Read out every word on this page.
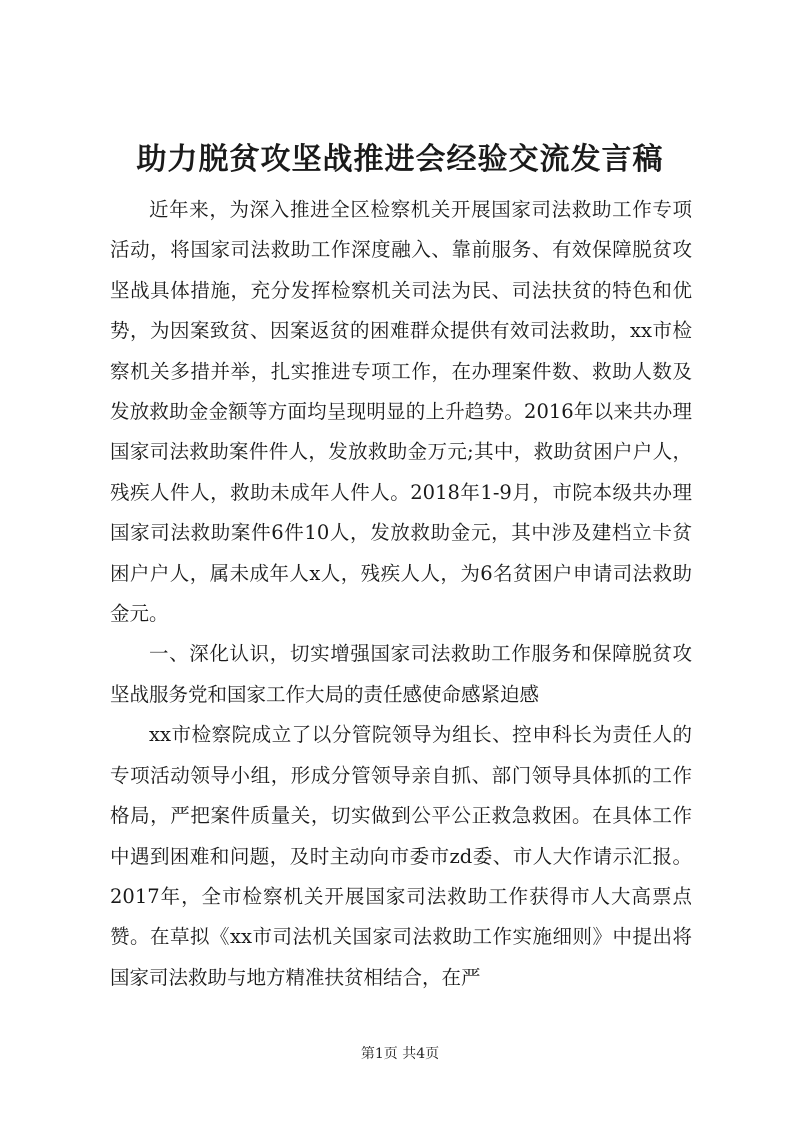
助力脱贫攻坚战推进会经验交流发言稿

近年来，为深入推进全区检察机关开展国家司法救助工作专项活动，将国家司法救助工作深度融入、靠前服务、有效保障脱贫攻坚战具体措施，充分发挥检察机关司法为民、司法扶贫的特色和优势，为因案致贫、因案返贫的困难群众提供有效司法救助，xx市检察机关多措并举，扎实推进专项工作，在办理案件数、救助人数及发放救助金金额等方面均呈现明显的上升趋势。2016年以来共办理国家司法救助案件件人，发放救助金万元;其中，救助贫困户户人，残疾人件人，救助未成年人件人。2018年1-9月，市院本级共办理国家司法救助案件6件10人，发放救助金元，其中涉及建档立卡贫困户户人，属未成年人x人，残疾人人，为6名贫困户申请司法救助金元。

一、深化认识，切实增强国家司法救助工作服务和保障脱贫攻坚战服务党和国家工作大局的责任感使命感紧迫感

xx市检察院成立了以分管院领导为组长、控申科长为责任人的专项活动领导小组，形成分管领导亲自抓、部门领导具体抓的工作格局，严把案件质量关，切实做到公平公正救急救困。在具体工作中遇到困难和问题，及时主动向市委市zd委、市人大作请示汇报。2017年，全市检察机关开展国家司法救助工作获得市人大高票点赞。在草拟《xx市司法机关国家司法救助工作实施细则》中提出将国家司法救助与地方精准扶贫相结合，在严

第1页 共4页
